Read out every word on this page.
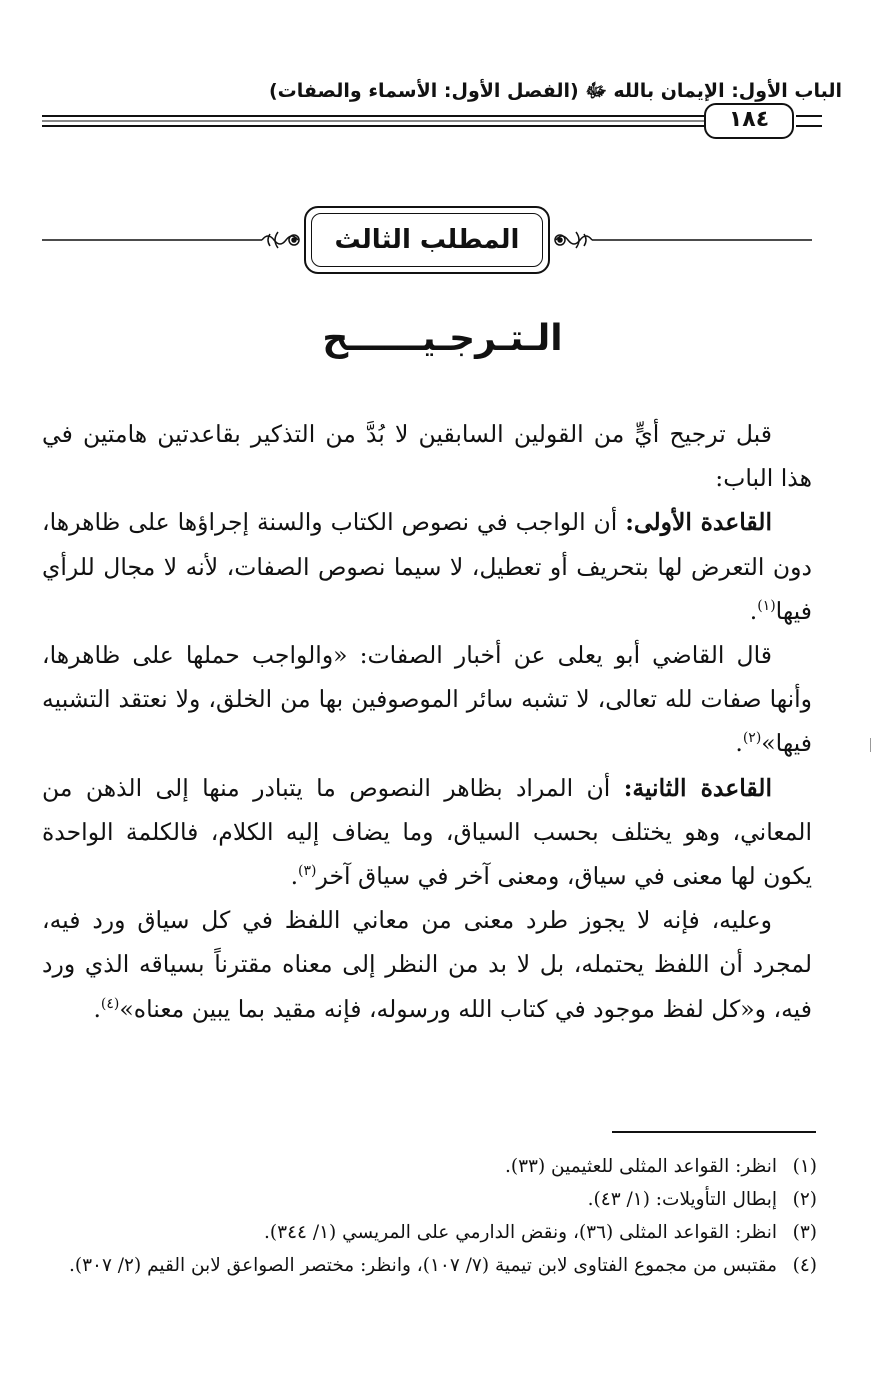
الباب الأول: الإيمان بالله ﷻ (الفصل الأول: الأسماء والصفات)
١٨٤
المطلب الثالث
الـتـرجـيــــــح

قبل ترجيح أيٍّ من القولين السابقين لا بُدَّ من التذكير بقاعدتين هامتين في هذا الباب:

القاعدة الأولى: أن الواجب في نصوص الكتاب والسنة إجراؤها على ظاهرها، دون التعرض لها بتحريف أو تعطيل، لا سيما نصوص الصفات، لأنه لا مجال للرأي فيها$^{(١)}$.

قال القاضي أبو يعلى عن أخبار الصفات: «والواجب حملها على ظاهرها، وأنها صفات لله تعالى، لا تشبه سائر الموصوفين بها من الخلق، ولا نعتقد التشبيه فيها»$^{(٢)}$.

القاعدة الثانية: أن المراد بظاهر النصوص ما يتبادر منها إلى الذهن من المعاني، وهو يختلف بحسب السياق، وما يضاف إليه الكلام، فالكلمة الواحدة يكون لها معنى في سياق، ومعنى آخر في سياق آخر$^{(٣)}$.

وعليه، فإنه لا يجوز طرد معنى من معاني اللفظ في كل سياق ورد فيه، لمجرد أن اللفظ يحتمله، بل لا بد من النظر إلى معناه مقترناً بسياقه الذي ورد فيه، و«كل لفظ موجود في كتاب الله ورسوله، فإنه مقيد بما يبين معناه»$^{(٤)}$.

(١)
انظر: القواعد المثلى للعثيمين (٣٣).
(٢)
إبطال التأويلات: (١/ ٤٣).
(٣)
انظر: القواعد المثلى (٣٦)، ونقض الدارمي على المريسي (١/ ٣٤٤).
(٤)
مقتبس من مجموع الفتاوى لابن تيمية (٧/ ١٠٧)، وانظر: مختصر الصواعق لابن القيم (٢/ ٣٠٧).
